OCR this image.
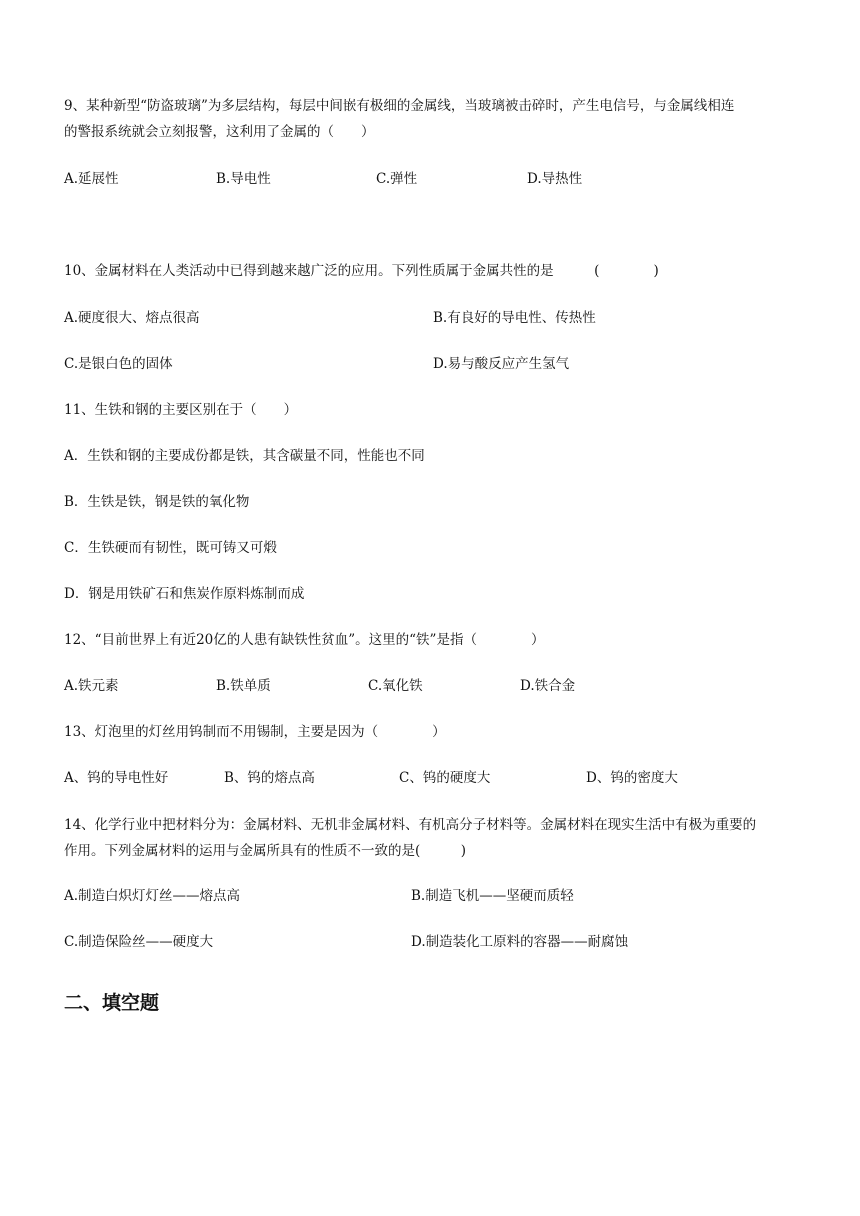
9、某种新型“防盗玻璃”为多层结构，每层中间嵌有极细的金属线，当玻璃被击碎时，产生电信号，与金属线相连
的警报系统就会立刻报警，这利用了金属的（　　）
A.延展性	B.导电性	C.弹性	D.导热性
10、金属材料在人类活动中已得到越来越广泛的应用。下列性质属于金属共性的是　　　(　　　　)
A.硬度很大、熔点很高	B.有良好的导电性、传热性
C.是银白色的固体	D.易与酸反应产生氢气
11、生铁和钢的主要区别在于（　　）
A．生铁和钢的主要成份都是铁，其含碳量不同，性能也不同
B．生铁是铁，钢是铁的氧化物
C．生铁硬而有韧性，既可铸又可煅
D．钢是用铁矿石和焦炭作原料炼制而成
12、“目前世界上有近20亿的人患有缺铁性贫血”。这里的“铁”是指（　　　　）
A.铁元素	B.铁单质	C.氧化铁	D.铁合金
13、灯泡里的灯丝用钨制而不用锡制，主要是因为（　　　　）
A、钨的导电性好	B、钨的熔点高	C、钨的硬度大	D、钨的密度大
14、化学行业中把材料分为：金属材料、无机非金属材料、有机高分子材料等。金属材料在现实生活中有极为重要的
作用。下列金属材料的运用与金属所具有的性质不一致的是(　　　)
A.制造白炽灯灯丝——熔点高	B.制造飞机——坚硬而质轻
C.制造保险丝——硬度大	D.制造装化工原料的容器——耐腐蚀
二、填空题
